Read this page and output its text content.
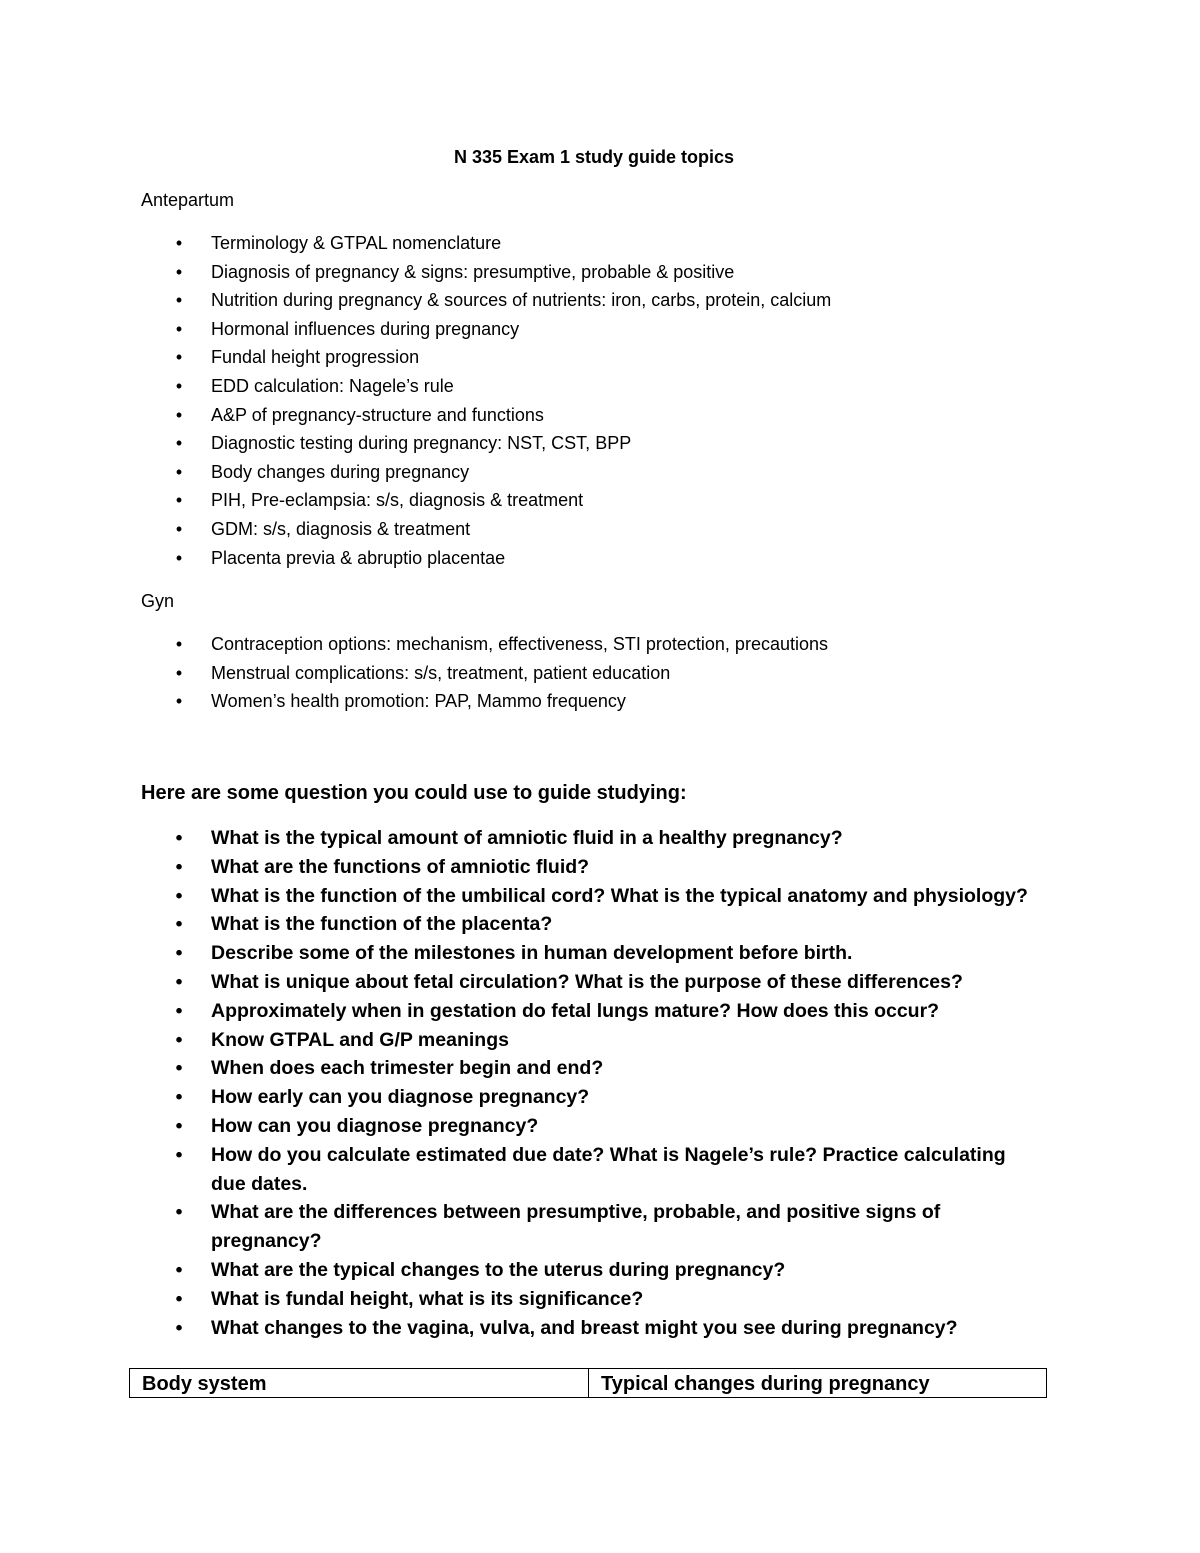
N 335 Exam 1 study guide topics
Antepartum
• Terminology & GTPAL nomenclature
• Diagnosis of pregnancy & signs: presumptive, probable & positive
• Nutrition during pregnancy & sources of nutrients: iron, carbs, protein, calcium
• Hormonal influences during pregnancy
• Fundal height progression
• EDD calculation: Nagele’s rule
• A&P of pregnancy-structure and functions
• Diagnostic testing during pregnancy: NST, CST, BPP
• Body changes during pregnancy
• PIH, Pre-eclampsia: s/s, diagnosis & treatment
• GDM: s/s, diagnosis & treatment
• Placenta previa & abruptio placentae
Gyn
• Contraception options: mechanism, effectiveness, STI protection, precautions
• Menstrual complications: s/s, treatment, patient education
• Women’s health promotion: PAP, Mammo frequency
Here are some question you could use to guide studying:
• What is the typical amount of amniotic fluid in a healthy pregnancy?
• What are the functions of amniotic fluid?
• What is the function of the umbilical cord? What is the typical anatomy and physiology?
• What is the function of the placenta?
• Describe some of the milestones in human development before birth.
• What is unique about fetal circulation? What is the purpose of these differences?
• Approximately when in gestation do fetal lungs mature? How does this occur?
• Know GTPAL and G/P meanings
• When does each trimester begin and end?
• How early can you diagnose pregnancy?
• How can you diagnose pregnancy?
• How do you calculate estimated due date? What is Nagele’s rule? Practice calculating due dates.
• What are the differences between presumptive, probable, and positive signs of pregnancy?
• What are the typical changes to the uterus during pregnancy?
• What is fundal height, what is its significance?
• What changes to the vagina, vulva, and breast might you see during pregnancy?
Body system	Typical changes during pregnancy
